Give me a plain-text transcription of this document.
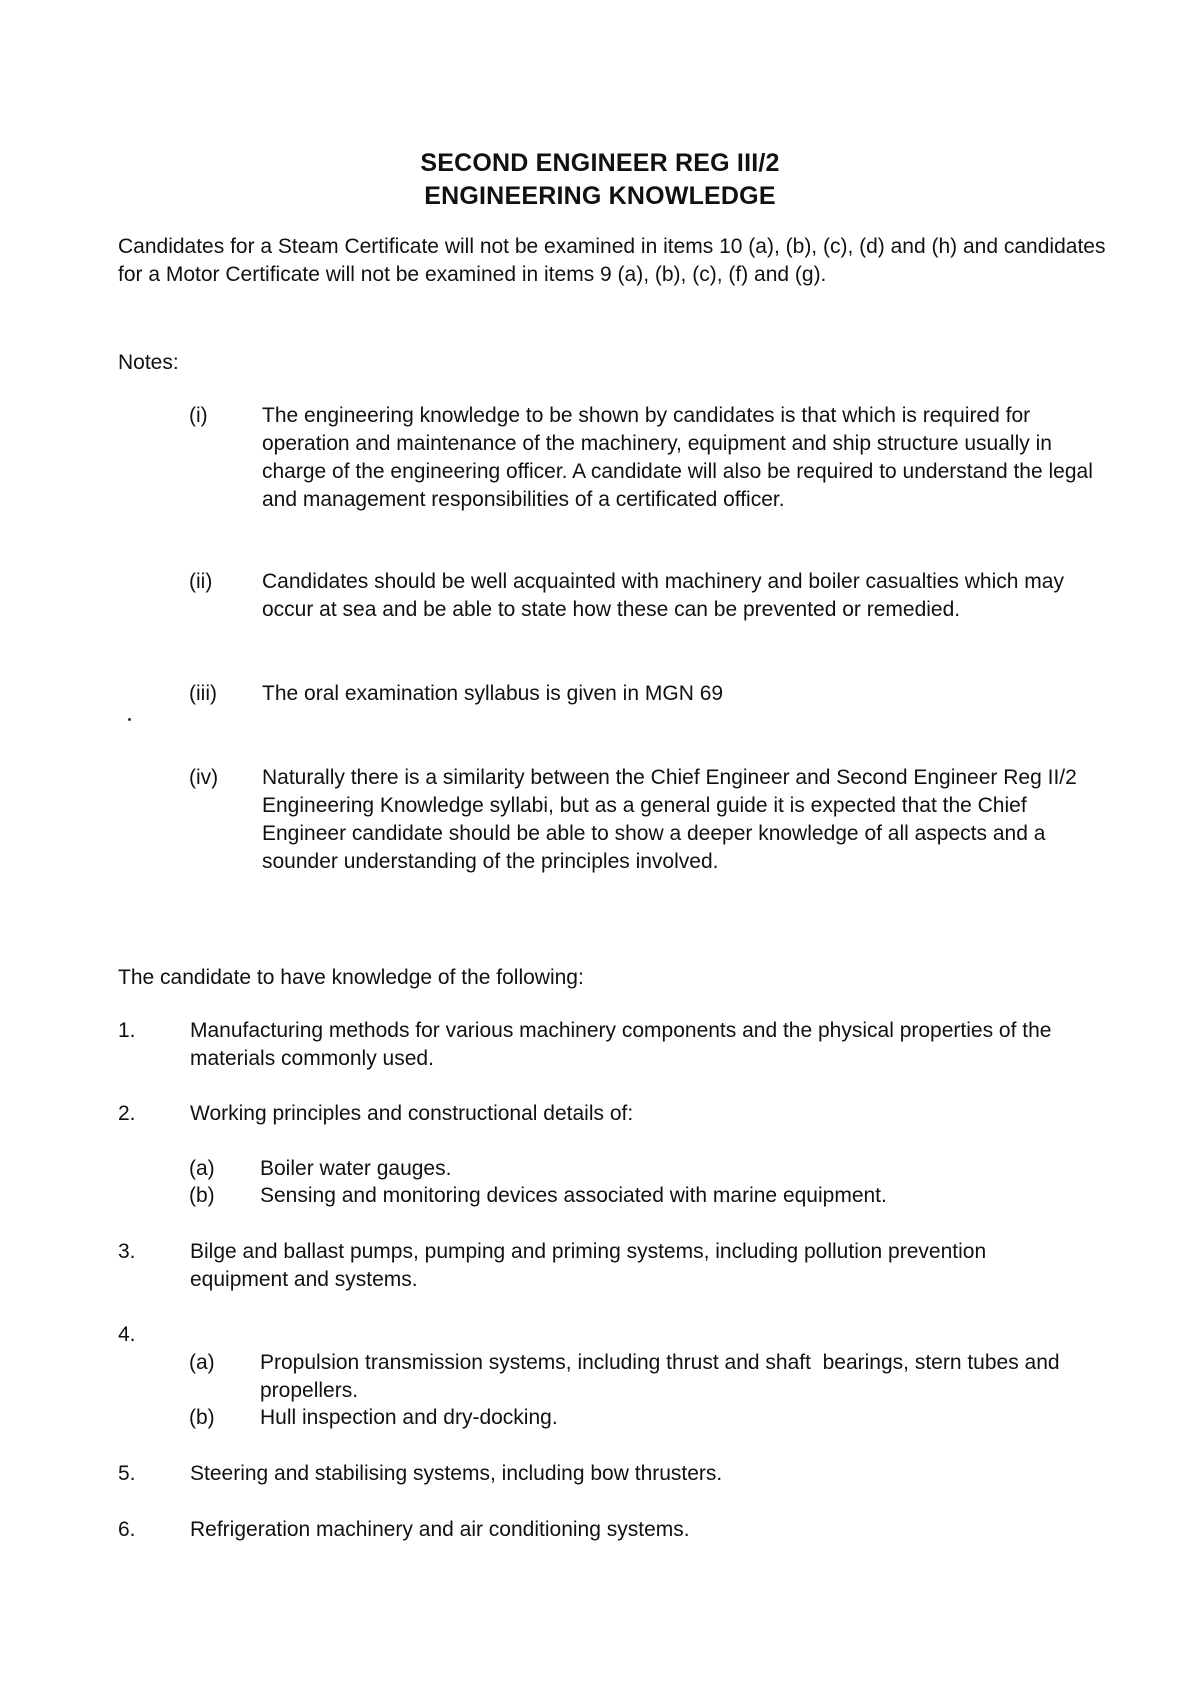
SECOND ENGINEER REG III/2
ENGINEERING KNOWLEDGE
Candidates for a Steam Certificate will not be examined in items 10 (a), (b), (c), (d) and (h) and candidates for a Motor Certificate will not be examined in items 9 (a), (b), (c), (f) and (g).
Notes:
(i)	The engineering knowledge to be shown by candidates is that which is required for operation and maintenance of the machinery, equipment and ship structure usually in charge of the engineering officer. A candidate will also be required to understand the legal and management responsibilities of a certificated officer.
(ii) Candidates should be well acquainted with machinery and boiler casualties which may occur at sea and be able to state how these can be prevented or remedied.
(iii) The oral examination syllabus is given in MGN 69
(iv) Naturally there is a similarity between the Chief Engineer and Second Engineer Reg II/2  Engineering Knowledge syllabi, but as a general guide it is expected that the Chief Engineer candidate should be able to show a deeper knowledge of all aspects and a sounder understanding of the principles involved.
The candidate to have knowledge of the following:
1.	Manufacturing methods for various machinery components and the physical properties of the materials commonly used.
2.	Working principles and constructional details of:
(a) Boiler water gauges.
(b) Sensing and monitoring devices associated with marine equipment.
3.	Bilge and ballast pumps, pumping and priming systems, including pollution prevention equipment and systems.
4.
(a) Propulsion transmission systems, including thrust and shaft  bearings, stern tubes and propellers.
(b) Hull inspection and dry-docking.
5.	Steering and stabilising systems, including bow thrusters.
6.	Refrigeration machinery and air conditioning systems.
